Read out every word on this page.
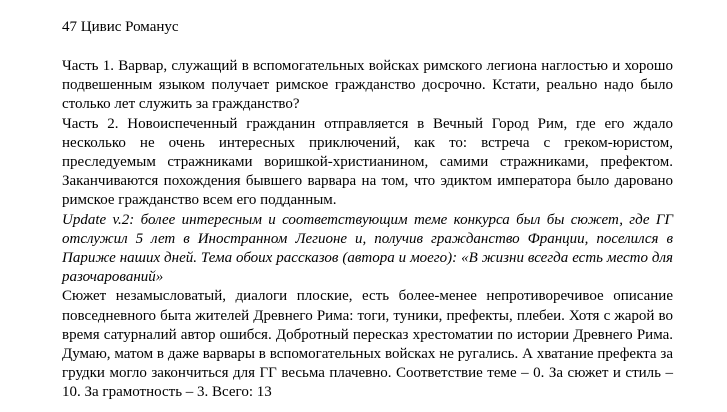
47 Цивис Романус

Часть 1. Варвар, служащий в вспомогательных войсках римского легиона наглостью и хорошо подвешенным языком получает римское гражданство досрочно. Кстати, реально надо было столько лет служить за гражданство?

Часть 2. Новоиспеченный гражданин отправляется в Вечный Город Рим, где его ждало несколько не очень интересных приключений, как то: встреча с греком-юристом, преследуемым стражниками воришкой-христианином, самими стражниками, префектом. Заканчиваются похождения бывшего варвара на том, что эдиктом императора было даровано римское гражданство всем его подданным.

Update v.2: более интересным и соответствующим теме конкурса был бы сюжет, где ГГ отслужил 5 лет в Иностранном Легионе и, получив гражданство Франции, поселился в Париже наших дней. Тема обоих рассказов (автора и моего): «В жизни всегда есть место для разочарований»

Сюжет незамысловатый, диалоги плоские, есть более-менее непротиворечивое описание повседневного быта жителей Древнего Рима: тоги, туники, префекты, плебеи. Хотя с жарой во время сатурналий автор ошибся. Добротный пересказ хрестоматии по истории Древнего Рима. Думаю, матом в даже варвары в вспомогательных войсках не ругались. А хватание префекта за грудки могло закончиться для ГГ весьма плачевно. Соответствие теме – 0. За сюжет и стиль – 10. За грамотность – 3. Всего: 13
